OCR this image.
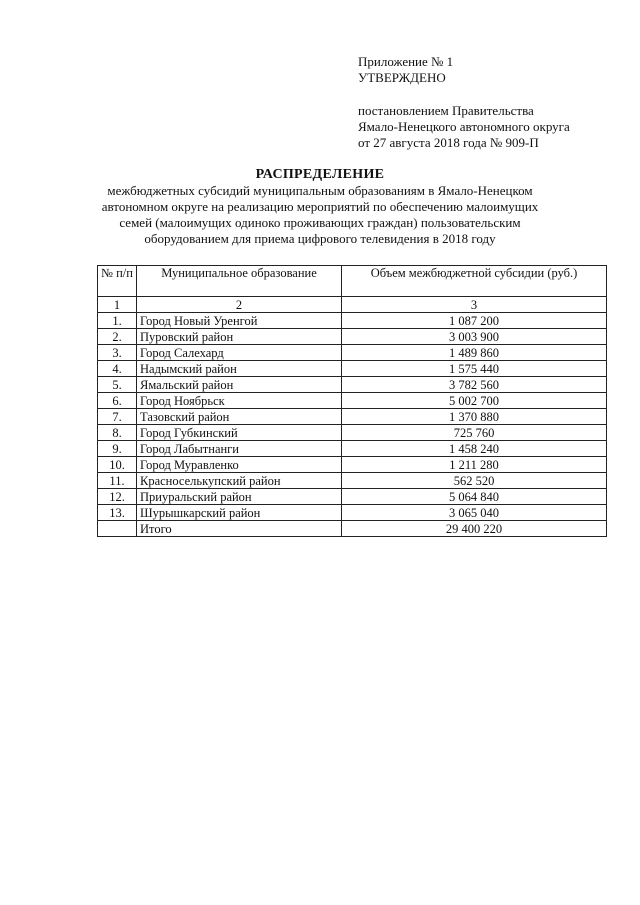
Приложение № 1
УТВЕРЖДЕНО
постановлением Правительства
Ямало-Ненецкого автономного округа
от 27 августа 2018 года № 909-П
РАСПРЕДЕЛЕНИЕ
межбюджетных субсидий муниципальным образованиям в Ямало-Ненецком автономном округе на реализацию мероприятий по обеспечению малоимущих семей (малоимущих одиноко проживающих граждан) пользовательским оборудованием для приема цифрового телевидения в 2018 году
№ п/п	Муниципальное образование	Объем межбюджетной субсидии (руб.)
1	2	3
1.	Город Новый Уренгой	1 087 200
2.	Пуровский район	3 003 900
3.	Город Салехард	1 489 860
4.	Надымский район	1 575 440
5.	Ямальский район	3 782 560
6.	Город Ноябрьск	5 002 700
7.	Тазовский район	1 370 880
8.	Город Губкинский	725 760
9.	Город Лабытнанги	1 458 240
10.	Город Муравленко	1 211 280
11.	Красноселькупский район	562 520
12.	Приуральский район	5 064 840
13.	Шурышкарский район	3 065 040
	Итого	29 400 220
